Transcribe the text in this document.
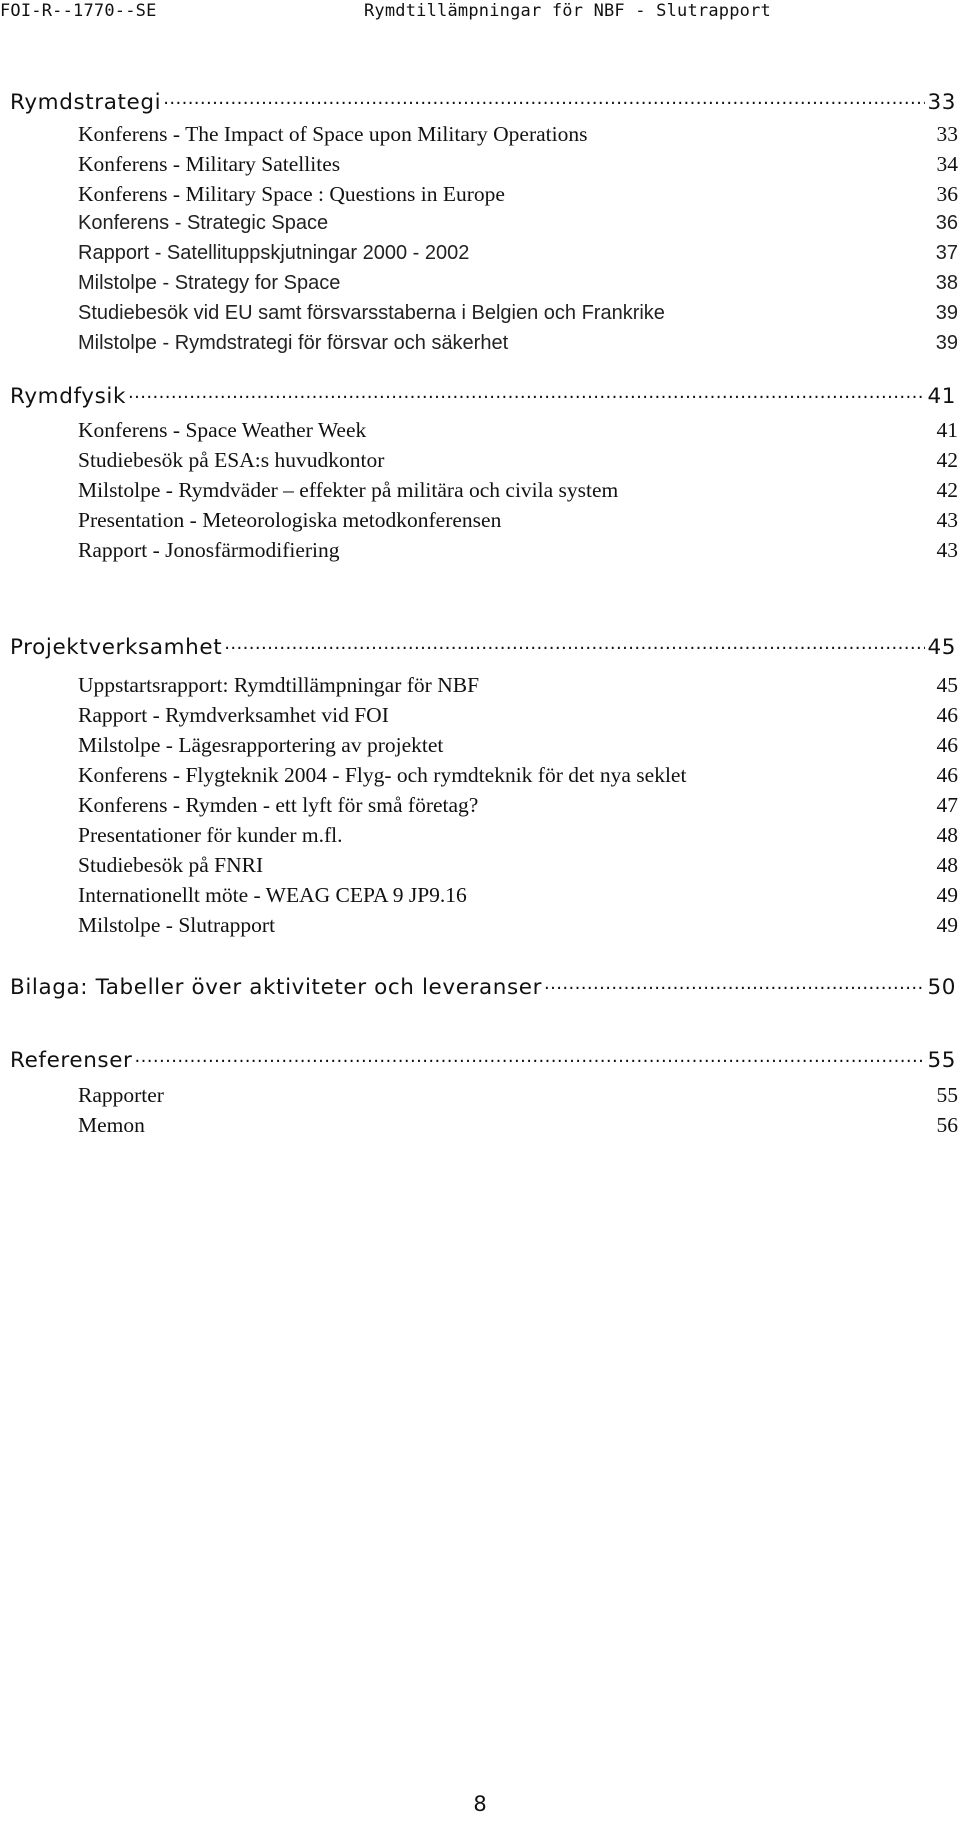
FOI-R--1770--SE	Rymdtillämpningar för NBF - Slutrapport
Rymdstrategi .....	33
Konferens - The Impact of Space upon Military Operations	33
Konferens - Military Satellites	34
Konferens - Military Space : Questions in Europe	36
Konferens - Strategic Space	36
Rapport - Satellituppskjutningar 2000 - 2002	37
Milstolpe - Strategy for Space	38
Studiebesök vid EU samt försvarsstaberna i Belgien och Frankrike	39
Milstolpe - Rymdstrategi för försvar och säkerhet	39
Rymdfysik .....	41
Konferens - Space Weather Week	41
Studiebesök på ESA:s huvudkontor	42
Milstolpe - Rymdväder – effekter på militära och civila system	42
Presentation - Meteorologiska metodkonferensen	43
Rapport - Jonosfärmodifiering	43
Projektverksamhet .....	45
Uppstartsrapport: Rymdtillämpningar för NBF	45
Rapport - Rymdverksamhet vid FOI	46
Milstolpe - Lägesrapportering av projektet	46
Konferens - Flygteknik 2004 - Flyg- och rymdteknik för det nya seklet	46
Konferens - Rymden - ett lyft för små företag?	47
Presentationer för kunder m.fl.	48
Studiebesök på FNRI	48
Internationellt möte - WEAG CEPA 9 JP9.16	49
Milstolpe - Slutrapport	49
Bilaga: Tabeller över aktiviteter och leveranser .....	50
Referenser .....	55
Rapporter	55
Memon	56
8
